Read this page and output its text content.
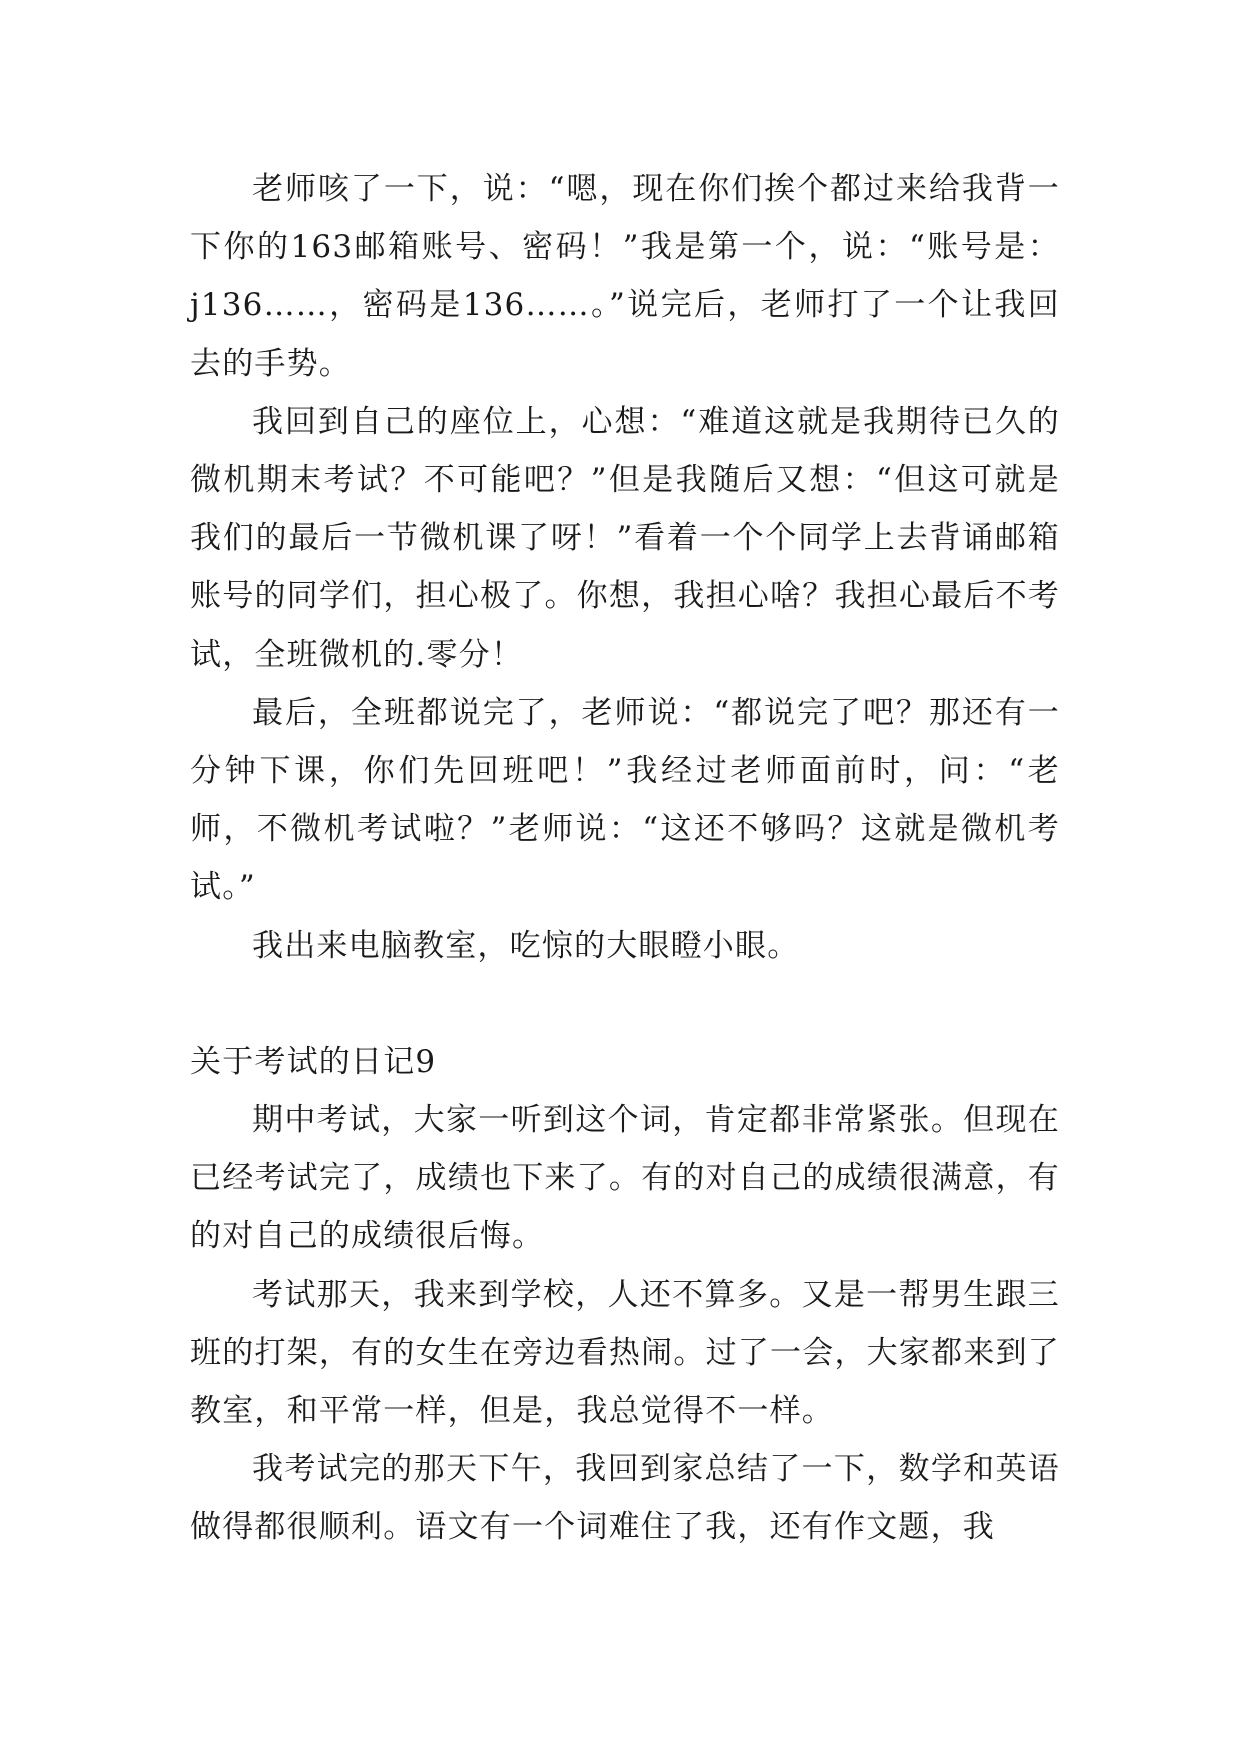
老师咳了一下，说：“嗯，现在你们挨个都过来给我背一下你的163邮箱账号、密码！”我是第一个，说：“账号是：j136……，密码是136……。”说完后，老师打了一个让我回去的手势。

我回到自己的座位上，心想：“难道这就是我期待已久的微机期末考试？不可能吧？”但是我随后又想：“但这可就是我们的最后一节微机课了呀！”看着一个个同学上去背诵邮箱账号的同学们，担心极了。你想，我担心啥？我担心最后不考试，全班微机的.零分！

最后，全班都说完了，老师说：“都说完了吧？那还有一分钟下课，你们先回班吧！”我经过老师面前时，问：“老师，不微机考试啦？”老师说：“这还不够吗？这就是微机考试。”

我出来电脑教室，吃惊的大眼瞪小眼。

关于考试的日记9

期中考试，大家一听到这个词，肯定都非常紧张。但现在已经考试完了，成绩也下来了。有的对自己的成绩很满意，有的对自己的成绩很后悔。

考试那天，我来到学校，人还不算多。又是一帮男生跟三班的打架，有的女生在旁边看热闹。过了一会，大家都来到了教室，和平常一样，但是，我总觉得不一样。

我考试完的那天下午，我回到家总结了一下，数学和英语做得都很顺利。语文有一个词难住了我，还有作文题，我
